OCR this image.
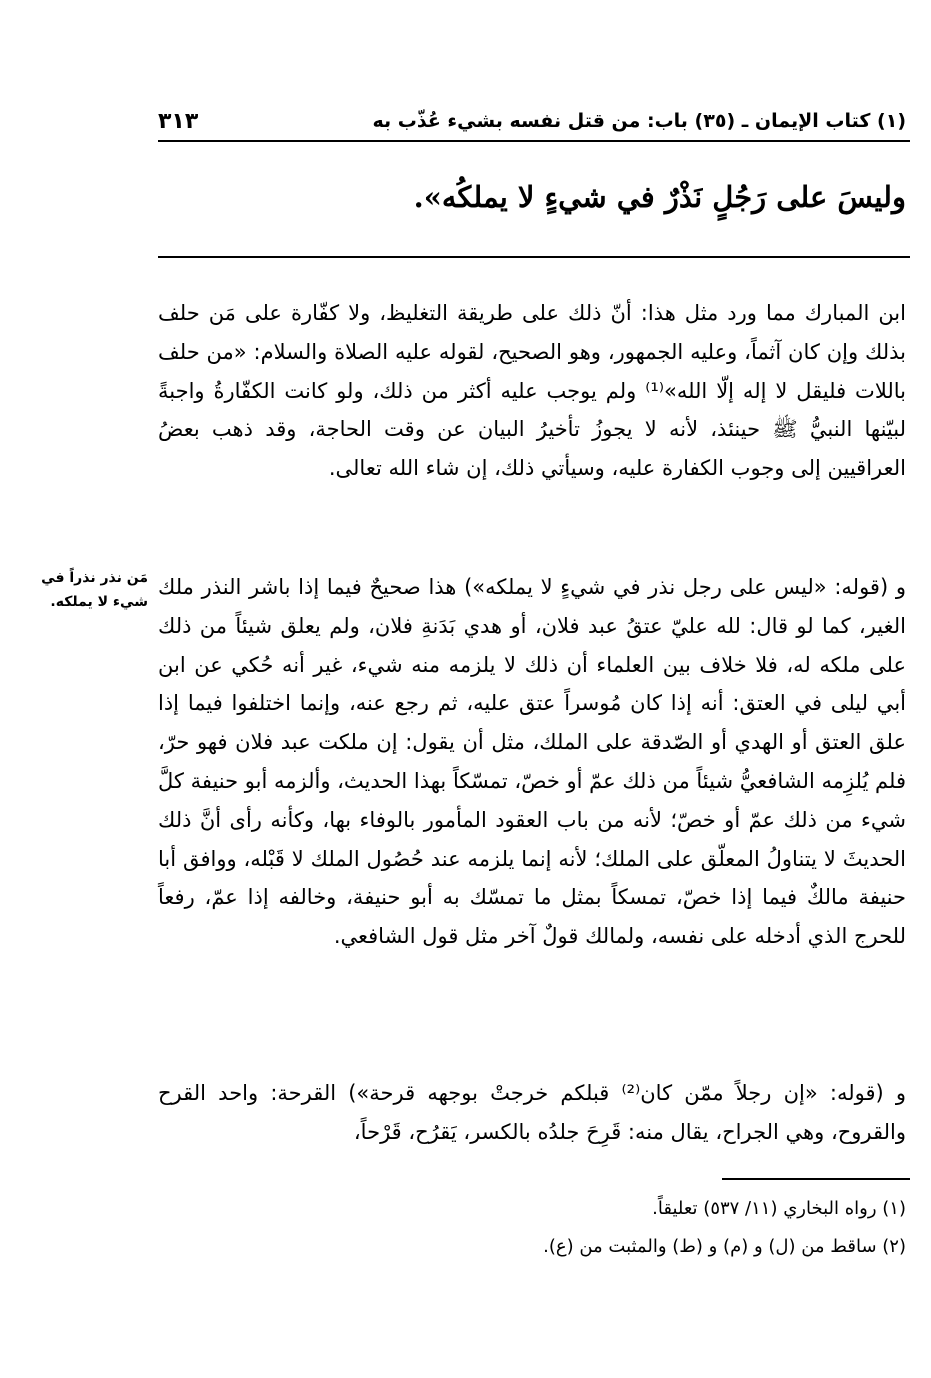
٣١٣	(١) كتاب الإيمان ـ (٣٥) باب: من قتل نفسه بشيء عُذّب به
وليسَ على رَجُلٍ نَذْرٌ في شيءٍ لا يملكُه».
ابن المبارك مما ورد مثل هذا: أنّ ذلك على طريقة التغليظ، ولا كفّارة على مَن حلف بذلك وإن كان آثماً، وعليه الجمهور، وهو الصحيح، لقوله عليه الصلاة والسلام: «من حلف باللات فليقل لا إله إلّا الله»⁽¹⁾ ولم يوجب عليه أكثر من ذلك، ولو كانت الكفّارةُ واجبةً لبيّنها النبيُّ ﷺ حينئذ، لأنه لا يجوزُ تأخيرُ البيان عن وقت الحاجة، وقد ذهب بعضُ العراقيين إلى وجوب الكفارة عليه، وسيأتي ذلك، إن شاء الله تعالى.
و (قوله: «ليس على رجل نذر في شيءٍ لا يملكه») هذا صحيحٌ فيما إذا باشر النذر ملك الغير، كما لو قال: لله عليّ عتقُ عبد فلان، أو هدي بَدَنةِ فلان، ولم يعلق شيئاً من ذلك على ملكه له، فلا خلاف بين العلماء أن ذلك لا يلزمه منه شيء، غير أنه حُكي عن ابن أبي ليلى في العتق: أنه إذا كان مُوسراً عتق عليه، ثم رجع عنه، وإنما اختلفوا فيما إذا علق العتق أو الهدي أو الصّدقة على الملك، مثل أن يقول: إن ملكت عبد فلان فهو حرّ، فلم يُلزِمه الشافعيُّ شيئاً من ذلك عمّ أو خصّ، تمسّكاً بهذا الحديث، وألزمه أبو حنيفة كلَّ شيء من ذلك عمّ أو خصّ؛ لأنه من باب العقود المأمور بالوفاء بها، وكأنه رأى أنَّ ذلك الحديثَ لا يتناولُ المعلّق على الملك؛ لأنه إنما يلزمه عند حُصُول الملك لا قَبْله، ووافق أبا حنيفة مالكٌ فيما إذا خصّ، تمسكاً بمثل ما تمسّك به أبو حنيفة، وخالفه إذا عمّ، رفعاً للحرج الذي أدخله على نفسه، ولمالك قولٌ آخر مثل قول الشافعي.
و (قوله: «إن رجلاً ممّن كان⁽²⁾ قبلكم خرجتْ بوجهه قرحة») القرحة: واحد القرح والقروح، وهي الجراح، يقال منه: قَرِحَ جلدُه بالكسر، يَقرُح، قَرْحاً،
مَن نذر نذراً في شيء لا يملكه.
(١) رواه البخاري (١١/ ٥٣٧) تعليقاً.
(٢) ساقط من (ل) و (م) و (ط) والمثبت من (ع).
